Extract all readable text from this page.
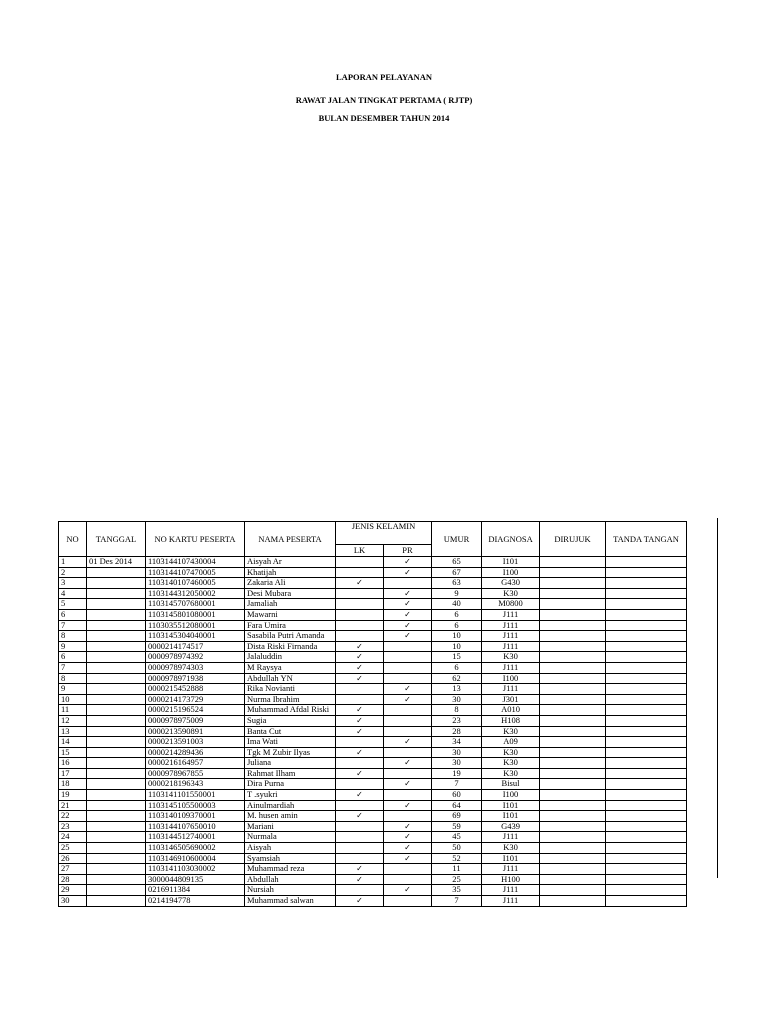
LAPORAN PELAYANAN
RAWAT JALAN TINGKAT PERTAMA ( RJTP)
BULAN DESEMBER TAHUN 2014
NO	TANGGAL	NO KARTU PESERTA	NAMA PESERTA	JENIS KELAMIN		UMUR	DIAGNOSA	DIRUJUK	TANDA TANGAN
				LK	PR				
1	01 Des 2014	1103144107430004	Aisyah Ar		✓	65	I101		
2		1103144107470005	Khatijah		✓	67	I100		
3		1103140107460005	Zakaria Ali	✓		63	G430		
4		1103144312050002	Desi Mubara		✓	9	K30		
5		1103145707680001	Jamaliah		✓	40	M0800		
6		1103145801080001	Mawarni		✓	6	J111		
7		1103035512080001	Fara Umira		✓	6	J111		
8		1103145304040001	Sasabila Putri Amanda		✓	10	J111		
9		0000214174517	Dista Riski Firnanda	✓		10	J111		
6		0000978974392	Jalaluddin	✓		15	K30		
7		0000978974303	M Raysya	✓		6	J111		
8		0000978971938	Abdullah YN	✓		62	I100		
9		0000215452888	Rika Novianti		✓	13	J111		
10		0000214173729	Nurma Ibrahim		✓	30	J301		
11		0000215196524	Muhammad Afdal Riski	✓		8	A010		
12		0000978975009	Sugia	✓		23	H108		
13		0000213590891	Banta Cut	✓		28	K30		
14		0000213591003	Ima Wati		✓	34	A09		
15		0000214289436	Tgk M Zubir Ilyas	✓		30	K30		
16		0000216164957	Juliana		✓	30	K30		
17		0000978967855	Rahmat Ilham	✓		19	K30		
18		0000218196343	Dira Purna		✓	7	Bisul		
19		1103141101550001	T .syukri	✓		60	I100		
21		1103145105500003	Ainulmardiah		✓	64	I101		
22		1103140109370001	M. husen amin	✓		69	I101		
23		1103144107650010	Mariani		✓	59	G439		
24		1103144512740001	Nurmala		✓	45	J111		
25		1103146505690002	Aisyah		✓	50	K30		
26		1103146910600004	Syamsiah		✓	52	I101		
27		1103141103030002	Muhammad reza	✓		11	J111		
28		3000044809135	Abdullah	✓		25	H100		
29		0216911384	Nursiah		✓	35	J111		
30		0214194778	Muhammad salwan	✓		7	J111		
